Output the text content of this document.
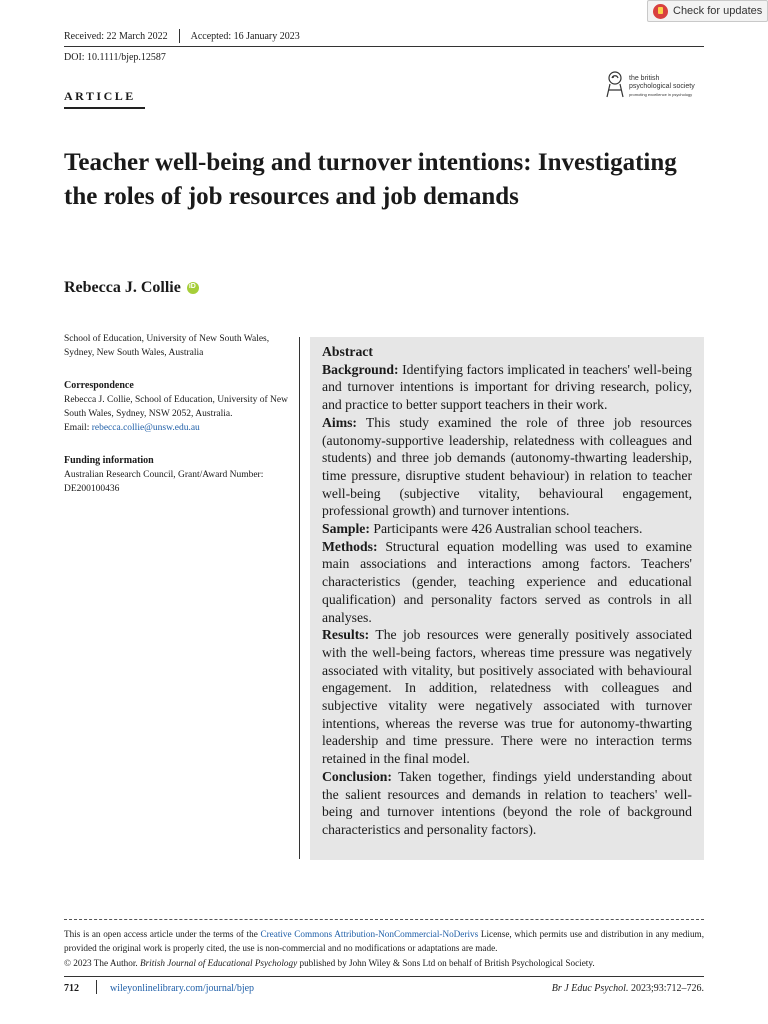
Check for updates
Received: 22 March 2022 Accepted: 16 January 2023
DOI: 10.1111/bjep.12587
ARTICLE
the british
psychological society
promoting excellence in psychology
Teacher well-being and turnover intentions: Investigating the roles of job resources and job demands
Rebecca J. Collie
iD
School of Education, University of New South Wales, Sydney, New South Wales, Australia
Correspondence
Rebecca J. Collie, School of Education, University of New South Wales, Sydney, NSW 2052, Australia.
Email: rebecca.collie@unsw.edu.au
Funding information
Australian Research Council, Grant/Award Number: DE200100436

Abstract

Background: Identifying factors implicated in teachers' well-being and turnover intentions is important for driving research, policy, and practice to better support teachers in their work.

Aims: This study examined the role of three job resources (autonomy-supportive leadership, relatedness with colleagues and students) and three job demands (autonomy-thwarting leadership, time pressure, disruptive student behaviour) in relation to teacher well-being (subjective vitality, behavioural engagement, professional growth) and turnover intentions.

Sample: Participants were 426 Australian school teachers.

Methods: Structural equation modelling was used to examine main associations and interactions among factors. Teachers' characteristics (gender, teaching experience and educational qualification) and personality factors served as controls in all analyses.

Results: The job resources were generally positively associated with the well-being factors, whereas time pressure was negatively associated with vitality, but positively associated with behavioural engagement. In addition, relatedness with colleagues and subjective vitality were negatively associated with turnover intentions, whereas the reverse was true for autonomy-thwarting leadership and time pressure. There were no interaction terms retained in the final model.

Conclusion: Taken together, findings yield understanding about the salient resources and demands in relation to teachers' well-being and turnover intentions (beyond the role of background characteristics and personality factors).

This is an open access article under the terms of the Creative Commons Attribution-NonCommercial-NoDerivs License, which permits use and distribution in any medium, provided the original work is properly cited, the use is non-commercial and no modifications or adaptations are made.
© 2023 The Author. British Journal of Educational Psychology published by John Wiley & Sons Ltd on behalf of British Psychological Society.
712	wileyonlinelibrary.com/journal/bjep	Br J Educ Psychol. 2023;93:712–726.
